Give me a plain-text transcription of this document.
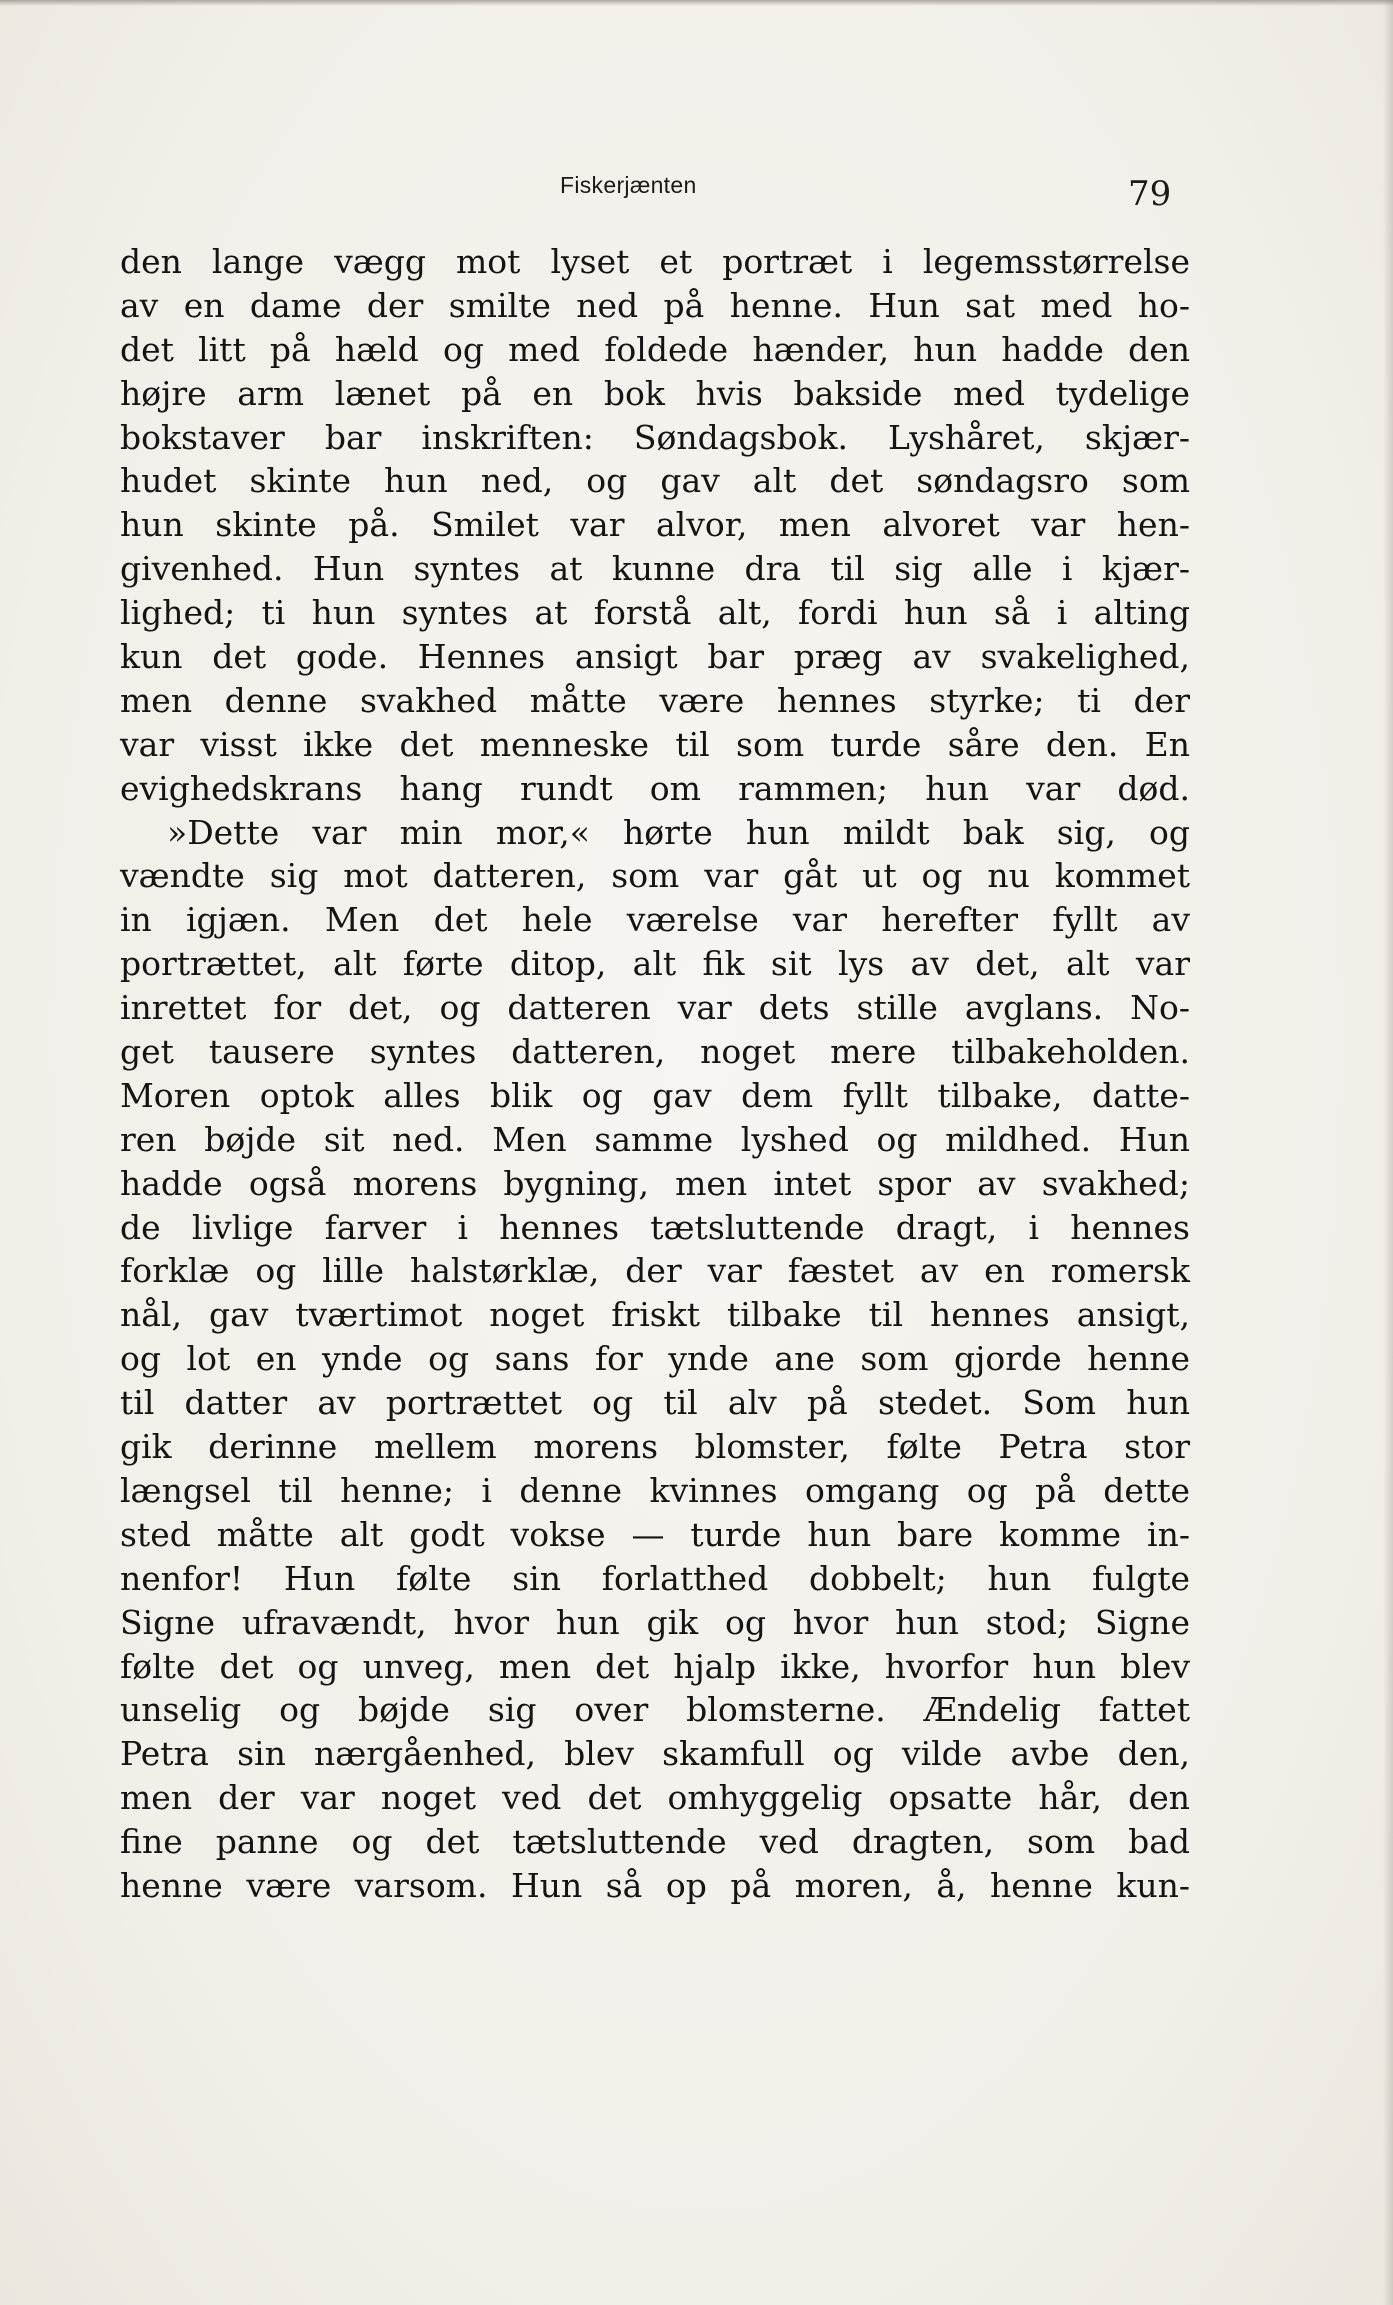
Fiskerjænten	79
den lange vægg mot lyset et portræt i legemsstørrelse
av en dame der smilte ned på henne. Hun sat med ho-
det litt på hæld og med foldede hænder, hun hadde den
højre arm lænet på en bok hvis bakside med tydelige
bokstaver bar inskriften: Søndagsbok. Lyshåret, skjær-
hudet skinte hun ned, og gav alt det søndagsro som
hun skinte på. Smilet var alvor, men alvoret var hen-
givenhed. Hun syntes at kunne dra til sig alle i kjær-
lighed; ti hun syntes at forstå alt, fordi hun så i alting
kun det gode. Hennes ansigt bar præg av svakelighed,
men denne svakhed måtte være hennes styrke; ti der
var visst ikke det menneske til som turde såre den. En
evighedskrans hang rundt om rammen; hun var død.
»Dette var min mor,« hørte hun mildt bak sig, og
vændte sig mot datteren, som var gåt ut og nu kommet
in igjæn. Men det hele værelse var herefter fyllt av
portrættet, alt førte ditop, alt fik sit lys av det, alt var
inrettet for det, og datteren var dets stille avglans. No-
get tausere syntes datteren, noget mere tilbakeholden.
Moren optok alles blik og gav dem fyllt tilbake, datte-
ren bøjde sit ned. Men samme lyshed og mildhed. Hun
hadde også morens bygning, men intet spor av svakhed;
de livlige farver i hennes tætsluttende dragt, i hennes
forklæ og lille halstørklæ, der var fæstet av en romersk
nål, gav tværtimot noget friskt tilbake til hennes ansigt,
og lot en ynde og sans for ynde ane som gjorde henne
til datter av portrættet og til alv på stedet. Som hun
gik derinne mellem morens blomster, følte Petra stor
længsel til henne; i denne kvinnes omgang og på dette
sted måtte alt godt vokse — turde hun bare komme in-
nenfor! Hun følte sin forlatthed dobbelt; hun fulgte
Signe ufravændt, hvor hun gik og hvor hun stod; Signe
følte det og unveg, men det hjalp ikke, hvorfor hun blev
unselig og bøjde sig over blomsterne. Ændelig fattet
Petra sin nærgåenhed, blev skamfull og vilde avbe den,
men der var noget ved det omhyggelig opsatte hår, den
fine panne og det tætsluttende ved dragten, som bad
henne være varsom. Hun så op på moren, å, henne kun-
